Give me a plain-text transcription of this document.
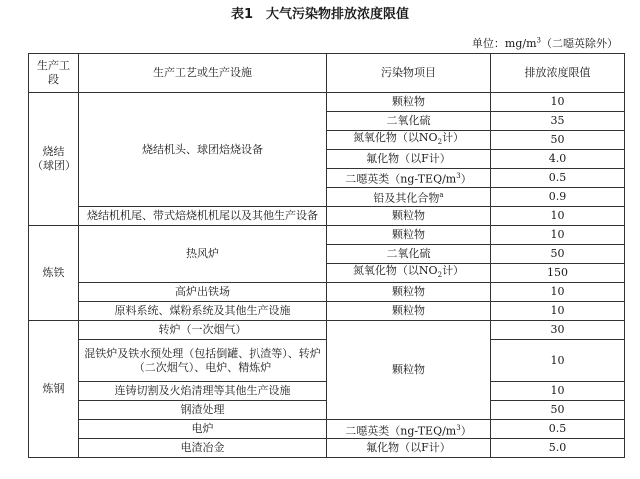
表1　大气污染物排放浓度限值
单位：$mg/m^3$（二噁英除外）
生产工
段	生产工艺或生产设施	污染物项目	排放浓度限值
烧结
（球团）	烧结机头、球团焙烧设备	颗粒物	10
		二氧化硫	35
		氮氧化物（以$NO_2$计）	50
		氟化物（以F计）	4.0
		二噁英类$(ng-TEQ/m^3)$	0.5
		铅及其化合物$^a$	0.9
	烧结机机尾、带式焙烧机机尾以及其他生产设备	颗粒物	10
炼铁	热风炉	颗粒物	10
		二氧化硫	50
		氮氧化物（以$NO_2$计）	150
	高炉出铁场	颗粒物	10
	原料系统、煤粉系统及其他生产设施	颗粒物	10
炼钢	转炉（一次烟气）	颗粒物	30
	混铁炉及铁水预处理（包括倒罐、扒渣等）、转炉（二次烟气）、电炉、精炼炉		10
	连铸切割及火焰清理等其他生产设施		10
	钢渣处理		50
	电炉	二噁英类$(ng-TEQ/m^3)$	0.5
	电渣冶金	氟化物（以F计）	5.0
